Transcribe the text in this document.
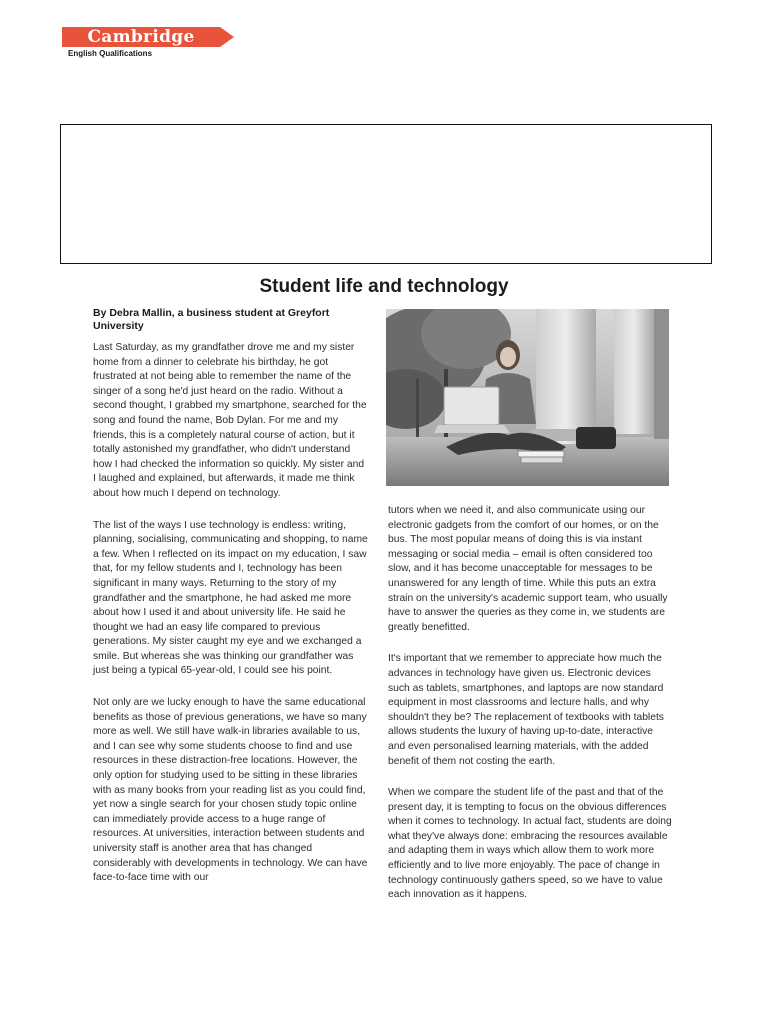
Cambridge
English Qualifications
Student life and technology
By Debra Mallin, a business student at Greyfort University

Last Saturday, as my grandfather drove me and my sister home from a dinner to celebrate his birthday, he got frustrated at not being able to remember the name of the singer of a song he'd just heard on the radio. Without a second thought, I grabbed my smartphone, searched for the song and found the name, Bob Dylan. For me and my friends, this is a completely natural course of action, but it totally astonished my grandfather, who didn't understand how I had checked the information so quickly. My sister and I laughed and explained, but afterwards, it made me think about how much I depend on technology.

The list of the ways I use technology is endless: writing, planning, socialising, communicating and shopping, to name a few. When I reflected on its impact on my education, I saw that, for my fellow students and I, technology has been significant in many ways. Returning to the story of my grandfather and the smartphone, he had asked me more about how I used it and about university life. He said he thought we had an easy life compared to previous generations. My sister caught my eye and we exchanged a smile. But whereas she was thinking our grandfather was just being a typical 65-year-old, I could see his point.

Not only are we lucky enough to have the same educational benefits as those of previous generations, we have so many more as well. We still have walk-in libraries available to us, and I can see why some students choose to find and use resources in these distraction-free locations. However, the only option for studying used to be sitting in these libraries with as many books from your reading list as you could find, yet now a single search for your chosen study topic online can immediately provide access to a huge range of resources. At universities, interaction between students and university staff is another area that has changed considerably with developments in technology. We can have face-to-face time with our

tutors when we need it, and also communicate using our electronic gadgets from the comfort of our homes, or on the bus. The most popular means of doing this is via instant messaging or social media – email is often considered too slow, and it has become unacceptable for messages to be unanswered for any length of time. While this puts an extra strain on the university's academic support team, who usually have to answer the queries as they come in, we students are greatly benefitted.

It's important that we remember to appreciate how much the advances in technology have given us. Electronic devices such as tablets, smartphones, and laptops are now standard equipment in most classrooms and lecture halls, and why shouldn't they be? The replacement of textbooks with tablets allows students the luxury of having up-to-date, interactive and even personalised learning materials, with the added benefit of them not costing the earth.

When we compare the student life of the past and that of the present day, it is tempting to focus on the obvious differences when it comes to technology. In actual fact, students are doing what they've always done: embracing the resources available and adapting them in ways which allow them to work more efficiently and to live more enjoyably. The pace of change in technology continuously gathers speed, so we have to value each innovation as it happens.
